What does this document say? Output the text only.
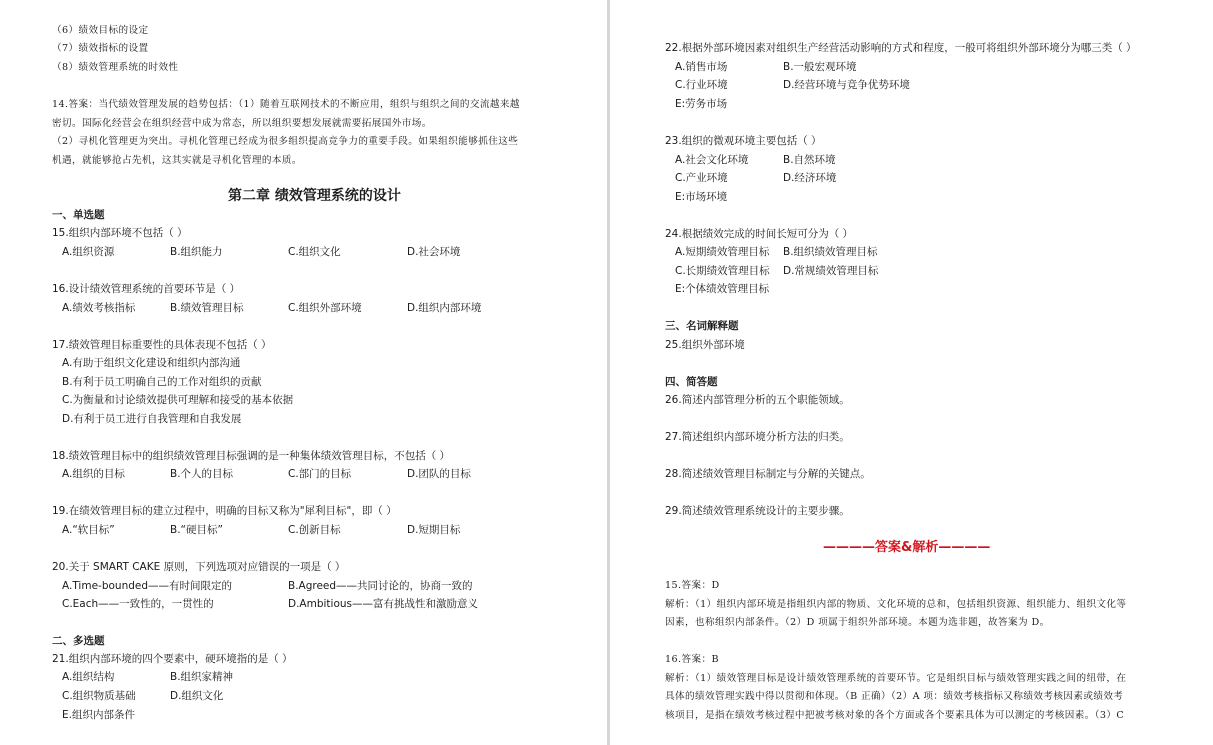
（6）绩效目标的设定
（7）绩效指标的设置
（8）绩效管理系统的时效性
14.答案：当代绩效管理发展的趋势包括：（1）随着互联网技术的不断应用，组织与组织之间的交流越来越
密切。国际化经营会在组织经营中成为常态，所以组织要想发展就需要拓展国外市场。
（2）寻机化管理更为突出。寻机化管理已经成为很多组织提高竞争力的重要手段。如果组织能够抓住这些
机遇，就能够抢占先机，这其实就是寻机化管理的本质。
第二章 绩效管理系统的设计
一、单选题
15.组织内部环境不包括（ ）
A.组织资源	B.组织能力	C.组织文化	D.社会环境
16.设计绩效管理系统的首要环节是（ ）
A.绩效考核指标	B.绩效管理目标	C.组织外部环境	D.组织内部环境
17.绩效管理目标重要性的具体表现不包括（ ）
A.有助于组织文化建设和组织内部沟通
B.有利于员工明确自己的工作对组织的贡献
C.为衡量和讨论绩效提供可理解和接受的基本依据
D.有利于员工进行自我管理和自我发展
18.绩效管理目标中的组织绩效管理目标强调的是一种集体绩效管理目标，不包括（ ）
A.组织的目标	B.个人的目标	C.部门的目标	D.团队的目标
19.在绩效管理目标的建立过程中，明确的目标又称为"犀利目标"，即（ ）
A.“软目标”	B.“硬目标”	C.创新目标	D.短期目标
20.关于 SMART CAKE 原则，下列选项对应错误的一项是（ ）
A.Time-bounded——有时间限定的	B.Agreed——共同讨论的，协商一致的
C.Each——一致性的，一贯性的	D.Ambitious——富有挑战性和激励意义
二、多选题
21.组织内部环境的四个要素中，硬环境指的是（ ）
A.组织结构	B.组织家精神
C.组织物质基础	D.组织文化
E.组织内部条件
22.根据外部环境因素对组织生产经营活动影响的方式和程度，一般可将组织外部环境分为哪三类（ ）
A.销售市场	B.一般宏观环境
C.行业环境	D.经营环境与竞争优势环境
E:劳务市场
23.组织的微观环境主要包括（ ）
A.社会文化环境	B.自然环境
C.产业环境	D.经济环境
E:市场环境
24.根据绩效完成的时间长短可分为（ ）
A.短期绩效管理目标 B.组织绩效管理目标
C.长期绩效管理目标 D.常规绩效管理目标
E:个体绩效管理目标
三、名词解释题
25.组织外部环境
四、简答题
26.简述内部管理分析的五个职能领域。
27.简述组织内部环境分析方法的归类。
28.简述绩效管理目标制定与分解的关键点。
29.简述绩效管理系统设计的主要步骤。
————答案&解析————
15.答案：D
解析：（1）组织内部环境是指组织内部的物质、文化环境的总和，包括组织资源、组织能力、组织文化等
因素，也称组织内部条件。（2）D 项属于组织外部环境。本题为选非题，故答案为 D。
16.答案：B
解析：（1）绩效管理目标是设计绩效管理系统的首要环节。它是组织目标与绩效管理实践之间的纽带，在
具体的绩效管理实践中得以贯彻和体现。（B 正确）（2）A 项：绩效考核指标又称绩效考核因素或绩效考
核项目，是指在绩效考核过程中把被考核对象的各个方面或各个要素具体为可以测定的考核因素。（3）C
